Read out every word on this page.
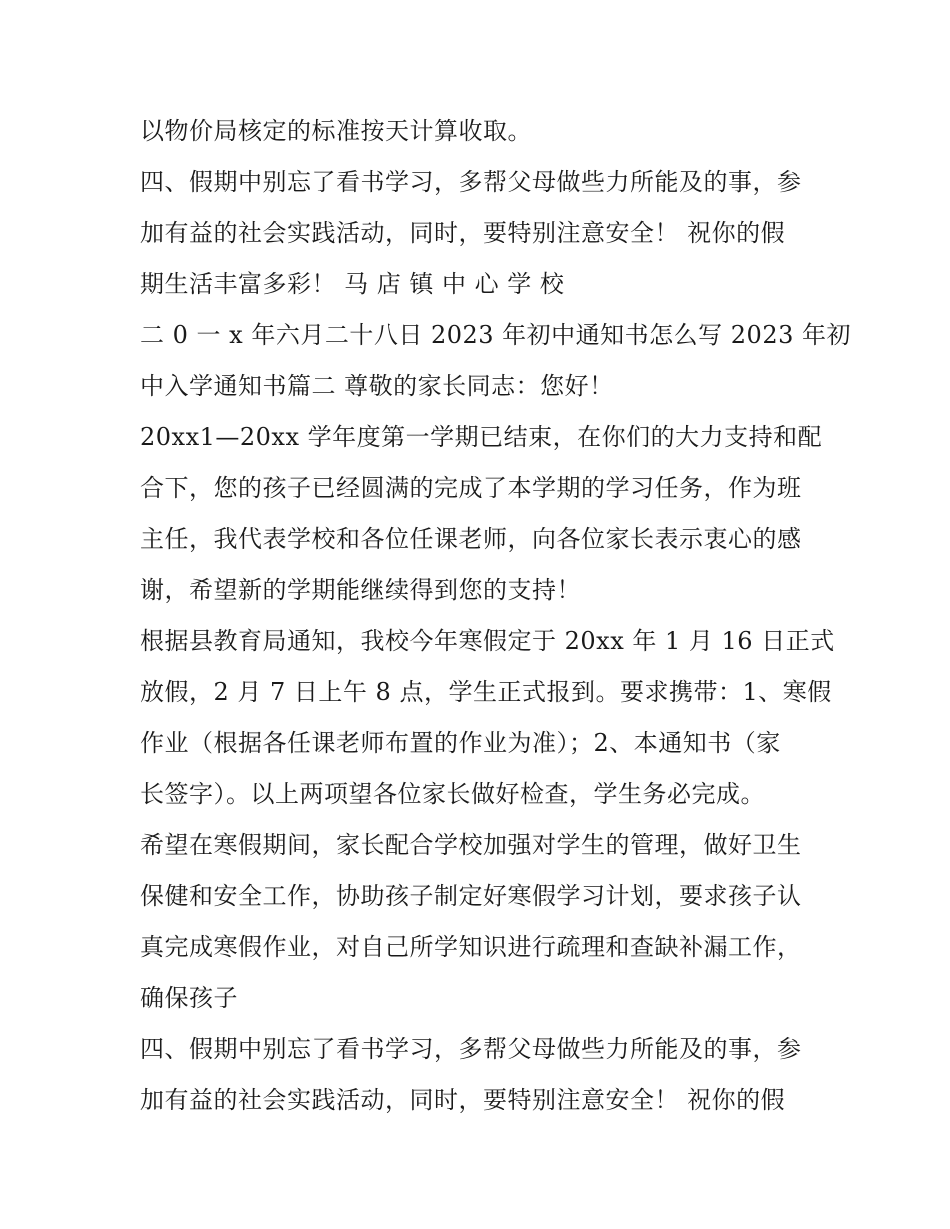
以物价局核定的标准按天计算收取。
四、假期中别忘了看书学习，多帮父母做些力所能及的事，参
加有益的社会实践活动，同时，要特别注意安全！ 祝你的假
期生活丰富多彩！ 马 店 镇 中 心 学 校
二 0 一 x 年六月二十八日 2023 年初中通知书怎么写 2023 年初
中入学通知书篇二 尊敬的家长同志：您好！
20xx1—20xx 学年度第一学期已结束，在你们的大力支持和配
合下，您的孩子已经圆满的完成了本学期的学习任务，作为班
主任，我代表学校和各位任课老师，向各位家长表示衷心的感
谢，希望新的学期能继续得到您的支持！
根据县教育局通知，我校今年寒假定于 20xx 年 1 月 16 日正式
放假，2 月 7 日上午 8 点，学生正式报到。要求携带：1、寒假
作业（根据各任课老师布置的作业为准）；2、本通知书（家
长签字）。以上两项望各位家长做好检查，学生务必完成。
希望在寒假期间，家长配合学校加强对学生的管理，做好卫生
保健和安全工作，协助孩子制定好寒假学习计划，要求孩子认
真完成寒假作业，对自己所学知识进行疏理和查缺补漏工作，
确保孩子
四、假期中别忘了看书学习，多帮父母做些力所能及的事，参
加有益的社会实践活动，同时，要特别注意安全！ 祝你的假
